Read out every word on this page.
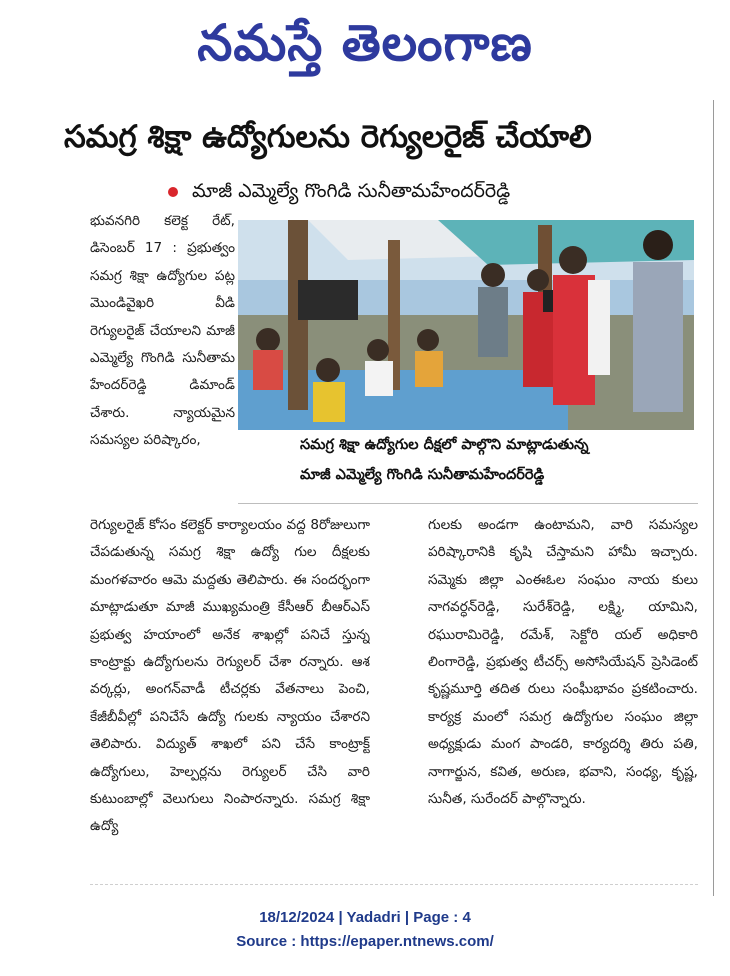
నమస్తే తెలంగాణ
సమగ్ర శిక్షా ఉద్యోగులను రెగ్యులరైజ్ చేయాలి
మాజీ ఎమ్మెల్యే గొంగిడి సునీతామహేందర్‌రెడ్డి

భువనగిరి కలెక్ట రేట్, డిసెంబర్ 17 : ప్రభుత్వం సమగ్ర శిక్షా ఉద్యోగుల పట్ల మొండివైఖరి వీడి రెగ్యులరైజ్ చేయాలని మాజీ ఎమ్మెల్యే గొంగిడి సునీతామ హేందర్‌రెడ్డి డిమాండ్ చేశారు. న్యాయమైన సమస్యల పరిష్కారం,	సమగ్ర శిక్షా ఉద్యోగుల దీక్షలో పాల్గొని మాట్లాడుతున్న
మాజీ ఎమ్మెల్యే గొంగిడి సునీతామహేందర్‌రెడ్డి

రెగ్యులరైజ్ కోసం కలెక్టర్ కార్యాలయం వద్ద 8రోజులుగా చేపడుతున్న సమగ్ర శిక్షా ఉద్యో గుల దీక్షలకు మంగళవారం ఆమె మద్దతు తెలిపారు. ఈ సందర్భంగా మాట్లాడుతూ మాజీ ముఖ్యమంత్రి కేసీఆర్ బీఆర్‌ఎస్ ప్రభుత్వ హయాంలో అనేక శాఖల్లో పనిచే స్తున్న కాంట్రాక్టు ఉద్యోగులను రెగ్యులర్ చేశా రన్నారు. ఆశ వర్కర్లు, అంగన్‌వాడీ టీచర్లకు వేతనాలు పెంచి, కేజీబీవీల్లో పనిచేసే ఉద్యో గులకు న్యాయం చేశారని తెలిపారు. విద్యుత్ శాఖలో పని చేసే కాంట్రాక్ట్ ఉద్యోగులు, హెల్పర్లను రెగ్యులర్ చేసి వారి కుటుంబాల్లో వెలుగులు నింపారన్నారు. సమగ్ర శిక్షా ఉద్యో

గులకు అండగా ఉంటామని, వారి సమస్యల పరిష్కారానికి కృషి చేస్తామని హామీ ఇచ్చారు. సమ్మెకు జిల్లా ఎంఈఓల సంఘం నాయ కులు నాగవర్ధన్‌రెడ్డి, సురేశ్‌రెడ్డి, లక్ష్మి, యామిని, రఘురామిరెడ్డి, రమేశ్, సెక్టోరి యల్ అధికారి లింగారెడ్డి, ప్రభుత్వ టీచర్స్ అసోసియేషన్ ప్రెసిడెంట్ కృష్ణమూర్తి తదిత రులు సంఘీభావం ప్రకటించారు. కార్యక్ర మంలో సమగ్ర ఉద్యోగుల సంఘం జిల్లా అధ్యక్షుడు మంగ పాండరి, కార్యదర్శి తిరు పతి, నాగార్జున, కవిత, అరుణ, భవాని, సంధ్య, కృష్ణ, సునీత, సురేందర్ పాల్గొన్నారు.

18/12/2024 | Yadadri | Page : 4
Source : https://epaper.ntnews.com/
